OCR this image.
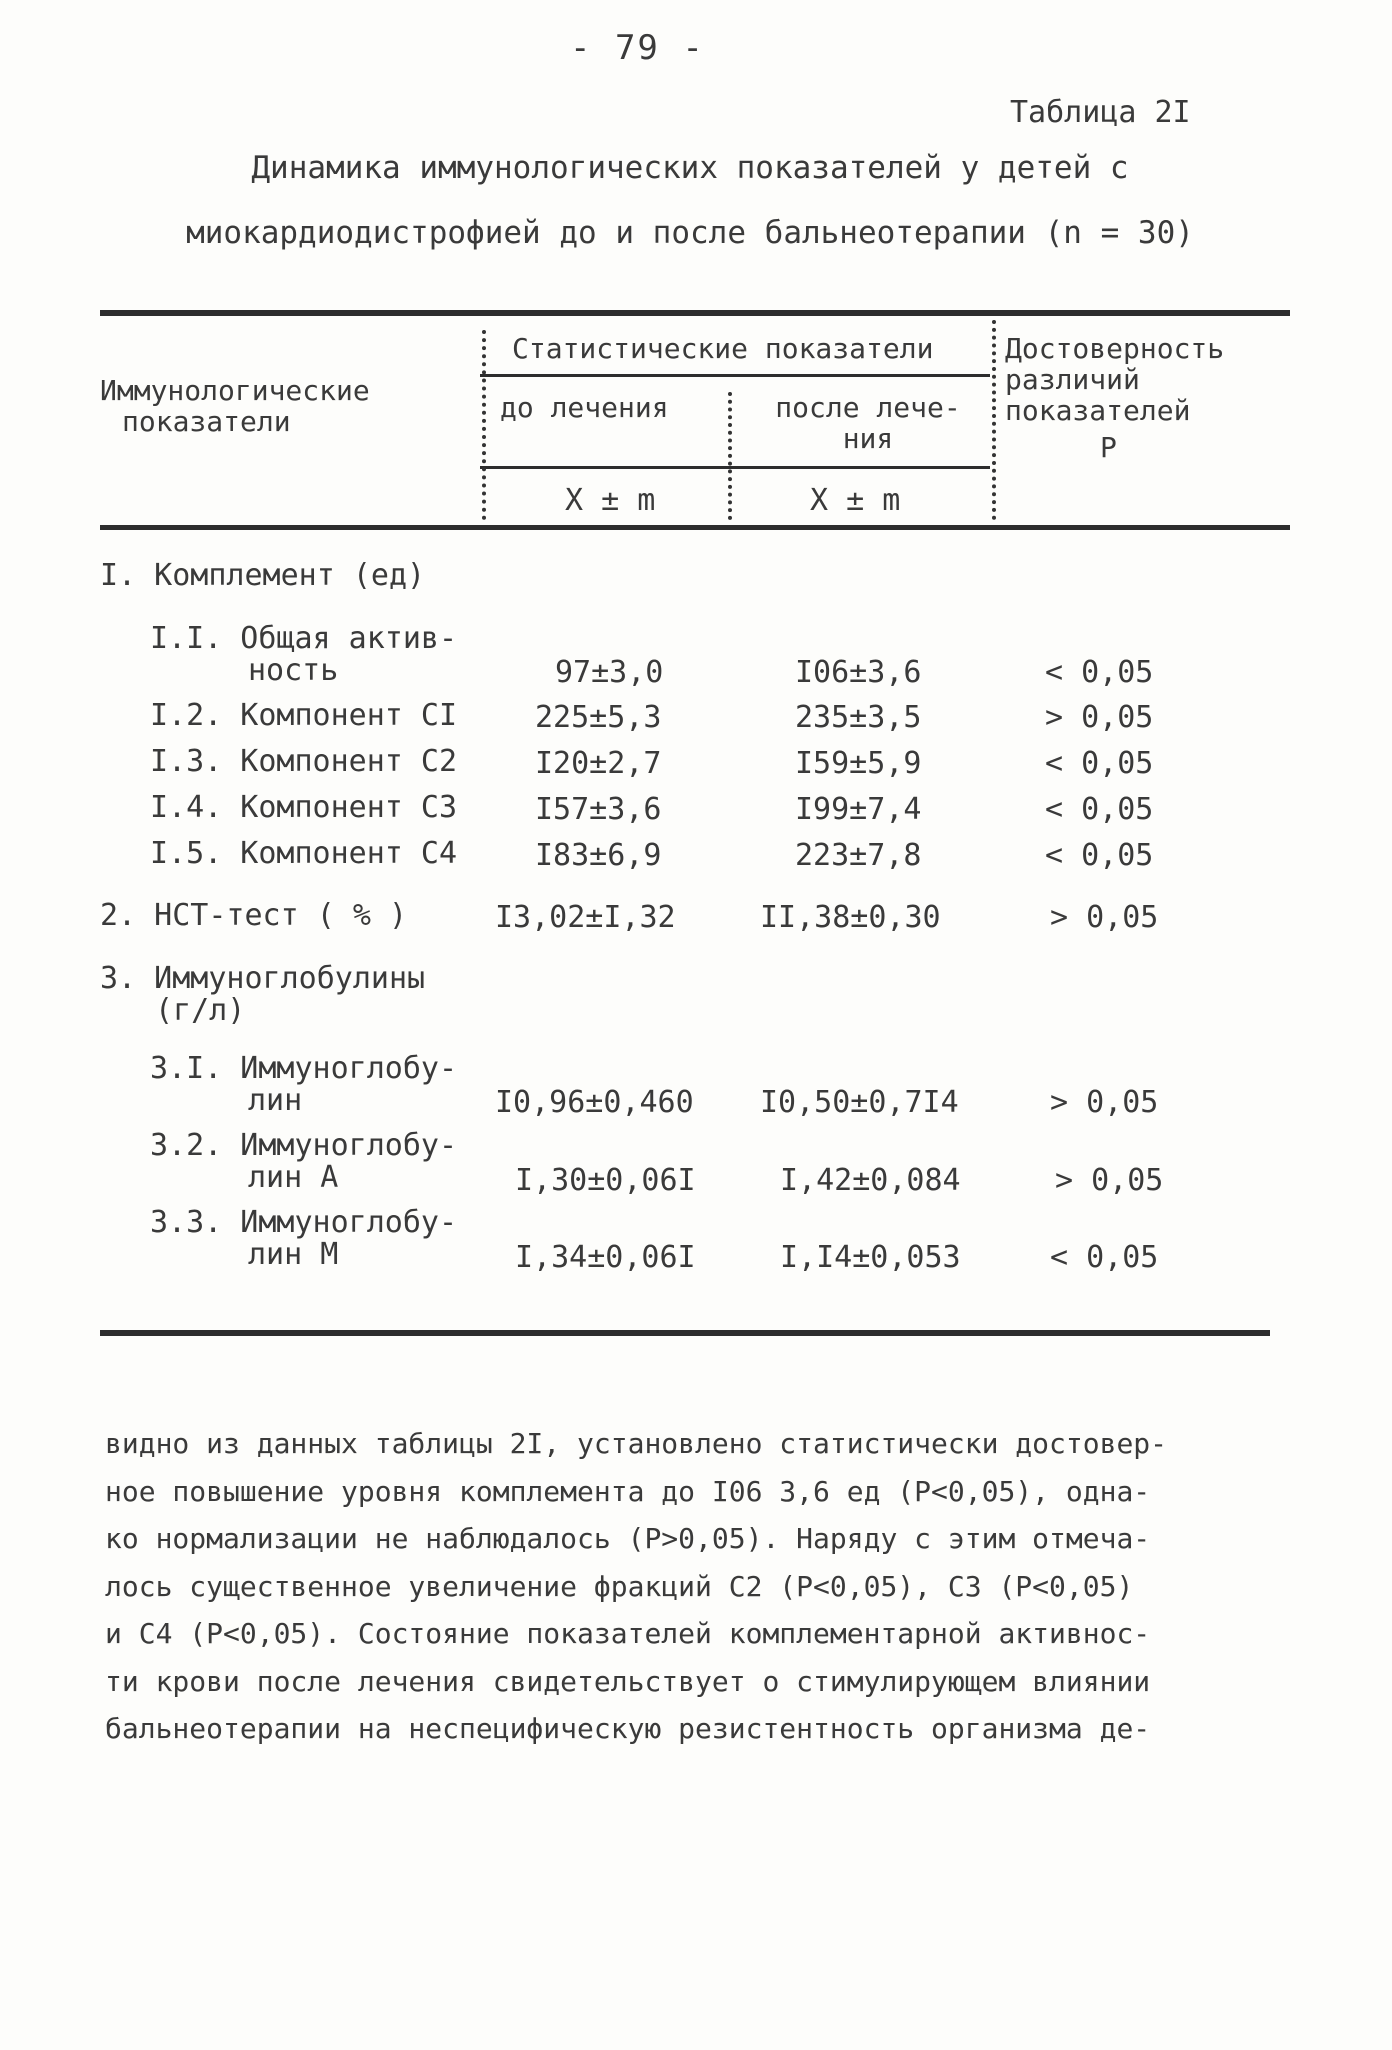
- 79 -
Таблица 2I
Динамика иммунологических показателей у детей с
миокардиодистрофией до и после бальнеотерапии (n = 30)
Иммунологические
показатели
Статистические показатели
до лечения	после лече-
ния
X ± m	X ± m
Достоверность
различий
показателей
P
I. Комплемент (ед)
I.I. Общая актив-
ность	97±3,0	I06±3,6	< 0,05
I.2. Компонент CI	225±5,3	235±3,5	> 0,05
I.3. Компонент C2	I20±2,7	I59±5,9	< 0,05
I.4. Компонент C3	I57±3,6	I99±7,4	< 0,05
I.5. Компонент C4	I83±6,9	223±7,8	< 0,05
2. НСТ-тест ( % )	I3,02±I,32	II,38±0,30	> 0,05
3. Иммуноглобулины
(г/л)
3.I. Иммуноглобу-
лин	I0,96±0,460 I0,50±0,7I4	> 0,05
3.2. Иммуноглобу-
лин A	I,30±0,06I	I,42±0,084	> 0,05
3.3. Иммуноглобу-
лин M	I,34±0,06I	I,I4±0,053	< 0,05

видно из данных таблицы 2I, установлено статистически достовер-

ное повышение уровня комплемента до I06 3,6 ед (P<0,05), одна-

ко нормализации не наблюдалось (P>0,05). Наряду с этим отмеча-

лось существенное увеличение фракций C2 (P<0,05), C3 (P<0,05)

и C4 (P<0,05). Состояние показателей комплементарной активнос-

ти крови после лечения свидетельствует о стимулирующем влиянии

бальнеотерапии на неспецифическую резистентность организма де-
